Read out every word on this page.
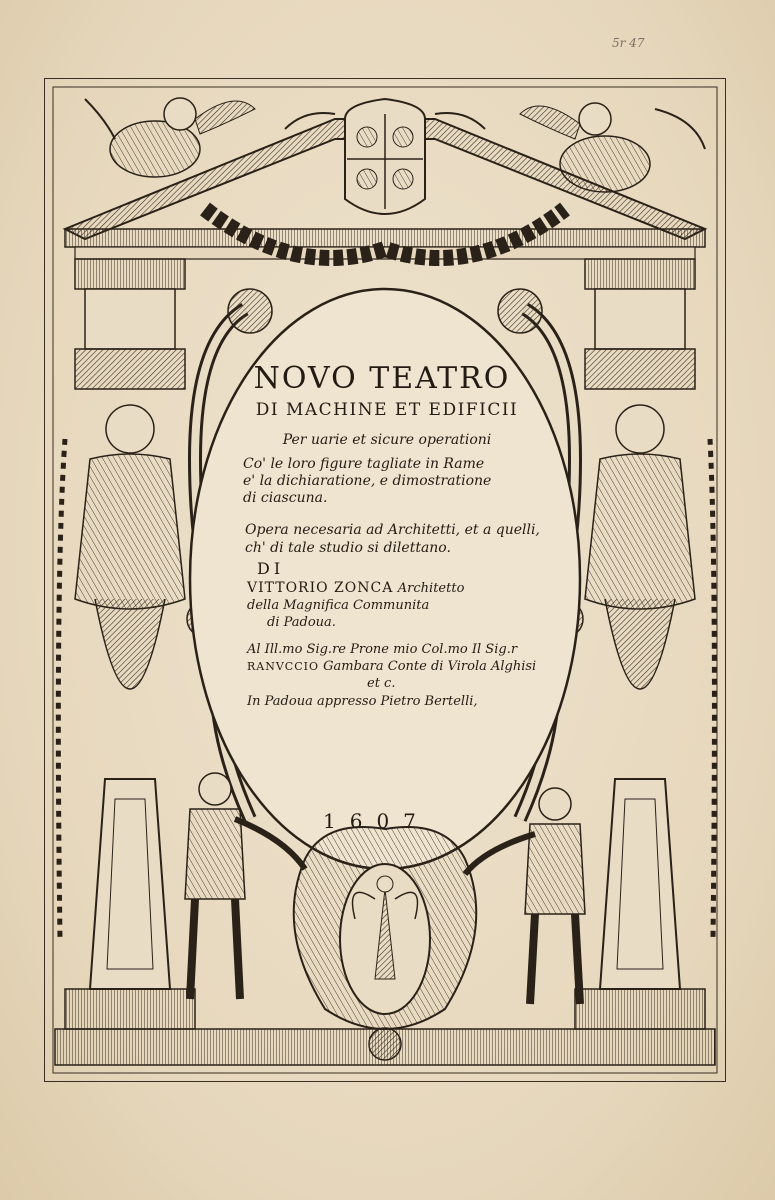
5r 47
NOVO TEATRO
DI MACHINE ET EDIFICII
Per uarie et sicure operationi
Co' le loro figure tagliate in Rame
e' la dichiaratione, e dimostratione
di ciascuna.
Opera necesaria ad Architetti, et a quelli,
ch' di tale studio si dilettano.
DI
VITTORIO ZONCA Architetto
della Magnifica Communita
di Padoua.
Al Ill.mo Sig.re Prone mio Col.mo Il Sig.r
RANVCCIO Gambara Conte di Virola Alghisi
et c.
In Padoua appresso Pietro Bertelli,
1607
